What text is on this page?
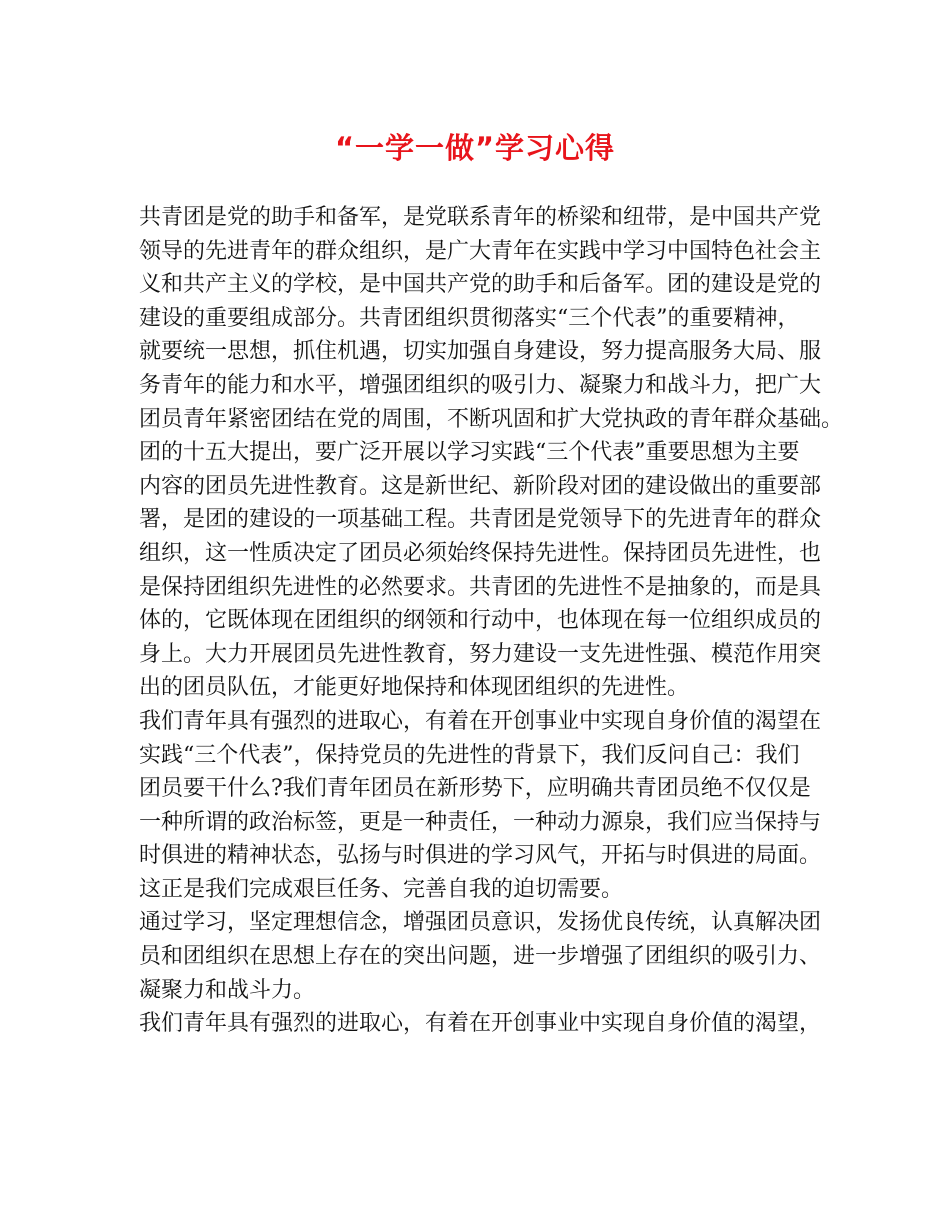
“一学一做”学习心得
共青团是党的助手和备军，是党联系青年的桥梁和纽带，是中国共产党
领导的先进青年的群众组织，是广大青年在实践中学习中国特色社会主
义和共产主义的学校，是中国共产党的助手和后备军。团的建设是党的
建设的重要组成部分。共青团组织贯彻落实“三个代表”的重要精神，
就要统一思想，抓住机遇，切实加强自身建设，努力提高服务大局、服
务青年的能力和水平，增强团组织的吸引力、凝聚力和战斗力，把广大
团员青年紧密团结在党的周围，不断巩固和扩大党执政的青年群众基础。
团的十五大提出，要广泛开展以学习实践“三个代表”重要思想为主要
内容的团员先进性教育。这是新世纪、新阶段对团的建设做出的重要部
署，是团的建设的一项基础工程。共青团是党领导下的先进青年的群众
组织，这一性质决定了团员必须始终保持先进性。保持团员先进性，也
是保持团组织先进性的必然要求。共青团的先进性不是抽象的，而是具
体的，它既体现在团组织的纲领和行动中，也体现在每一位组织成员的
身上。大力开展团员先进性教育，努力建设一支先进性强、模范作用突
出的团员队伍，才能更好地保持和体现团组织的先进性。
我们青年具有强烈的进取心，有着在开创事业中实现自身价值的渴望在
实践“三个代表”，保持党员的先进性的背景下，我们反问自己：我们
团员要干什么?我们青年团员在新形势下，应明确共青团员绝不仅仅是
一种所谓的政治标签，更是一种责任，一种动力源泉，我们应当保持与
时俱进的精神状态，弘扬与时俱进的学习风气，开拓与时俱进的局面。
这正是我们完成艰巨任务、完善自我的迫切需要。
通过学习，坚定理想信念，增强团员意识，发扬优良传统，认真解决团
员和团组织在思想上存在的突出问题，进一步增强了团组织的吸引力、
凝聚力和战斗力。
我们青年具有强烈的进取心，有着在开创事业中实现自身价值的渴望，
